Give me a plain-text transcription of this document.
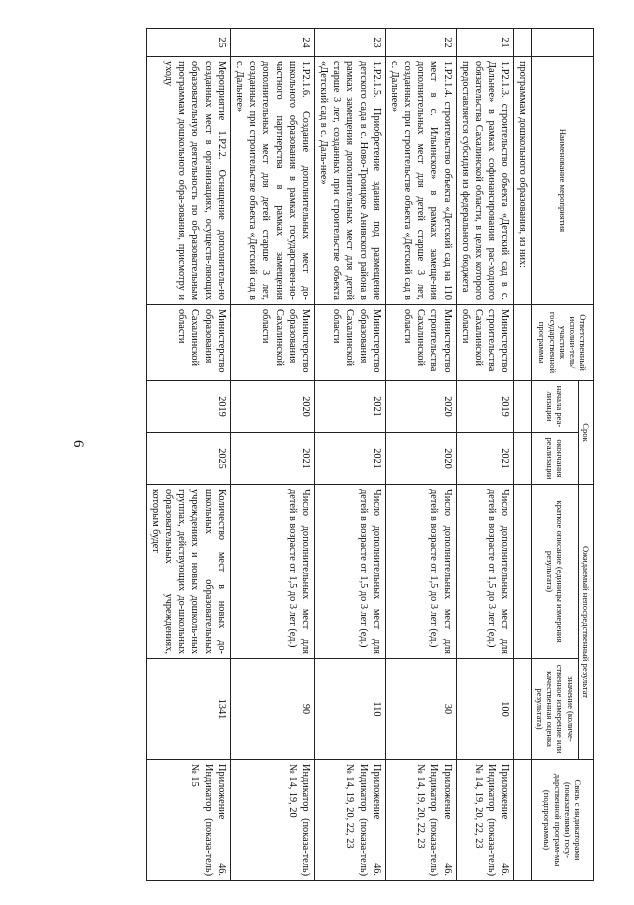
6
	Наименование мероприятия	Ответственный исполни-тель/участник государственной программы	Срок		Ожидаемый непосредственный результат		Связь с индикаторами (показателями) госу-дарственной програм-мы (подпрограммы)
			начала реа-лизации	окончания реализации	краткое описание (единицы измерения результата)	значение (количе-ственное измерение или качественная оценка результата)	
	программам дошкольного образования, из них:						
21	1.Р2.1.3. строительство объекта «Детский сад в с. Дальнее» в рамках софинансирования рас-ходного обязательства Сахалинской области, в целях которого предоставляется субсидия из федерального бюджета	Министерство строительства Сахалинской области	2019	2021	Число дополнительных мест для детей в возрасте от 1,5 до 3 лет (ед.)	100	Приложение 46. Индикатор (показа-тель) № 14, 19, 20, 22, 23
22	1.Р2.1.4. строительство объекта «Детский сад на 110 мест в с. Ильинское» в рамках замеще-ния дополнительных мест для детей старше 3 лет, созданных при строительстве объекта «Детский сад в с. Дальнее»	Министерство строительства Сахалинской области	2020	2020	Число дополнительных мест для детей в возрасте от 1,5 до 3 лет (ед.)	30	Приложение 46. Индикатор (показа-тель) № 14, 19, 20, 22, 23
23	1.Р2.1.5. Приобретение здания под размещение детского сада в с. Ново-Троицкое Анивского района в рамках замещения дополнительных мест для детей старше 3 лет, созданных при строительстве объекта «Детский сад в с. Даль-нее»	Министерство образования Сахалинской области	2021	2021	Число дополнительных мест для детей в возрасте от 1,5 до 3 лет (ед.)	110	Приложение 46. Индикатор (показа-тель) № 14, 19, 20, 22, 23
24	1.Р2.1.6. Создание дополнительных мест до-школьного образования в рамках государствен-но-частного партнерства в рамках замещения дополнительных мест для детей старше 3 лет, созданных при строительстве объекта «Детский сад в с. Дальнее»	Министерство образования Сахалинской области	2020	2021	Число дополнительных мест для детей в возрасте от 1,5 до 3 лет (ед.)	90	Индикатор (показа-тель) № 14, 19, 20
25	Мероприятие 1.Р2.2. Оснащение дополнитель-но созданных мест в организациях, осуществ-ляющих образовательную деятельность по об-разовательным программам дошкольного обра-зования, присмотру и уходу	Министерство образования Сахалинской области	2019	2025	Количество мест в новых до-школьных образовательных учреждениях и новых дошколь-ных группах, действующих до-школьных образовательных учреждениях, которым будет	1341	Приложение 46. Индикатор (показа-тель) № 15
